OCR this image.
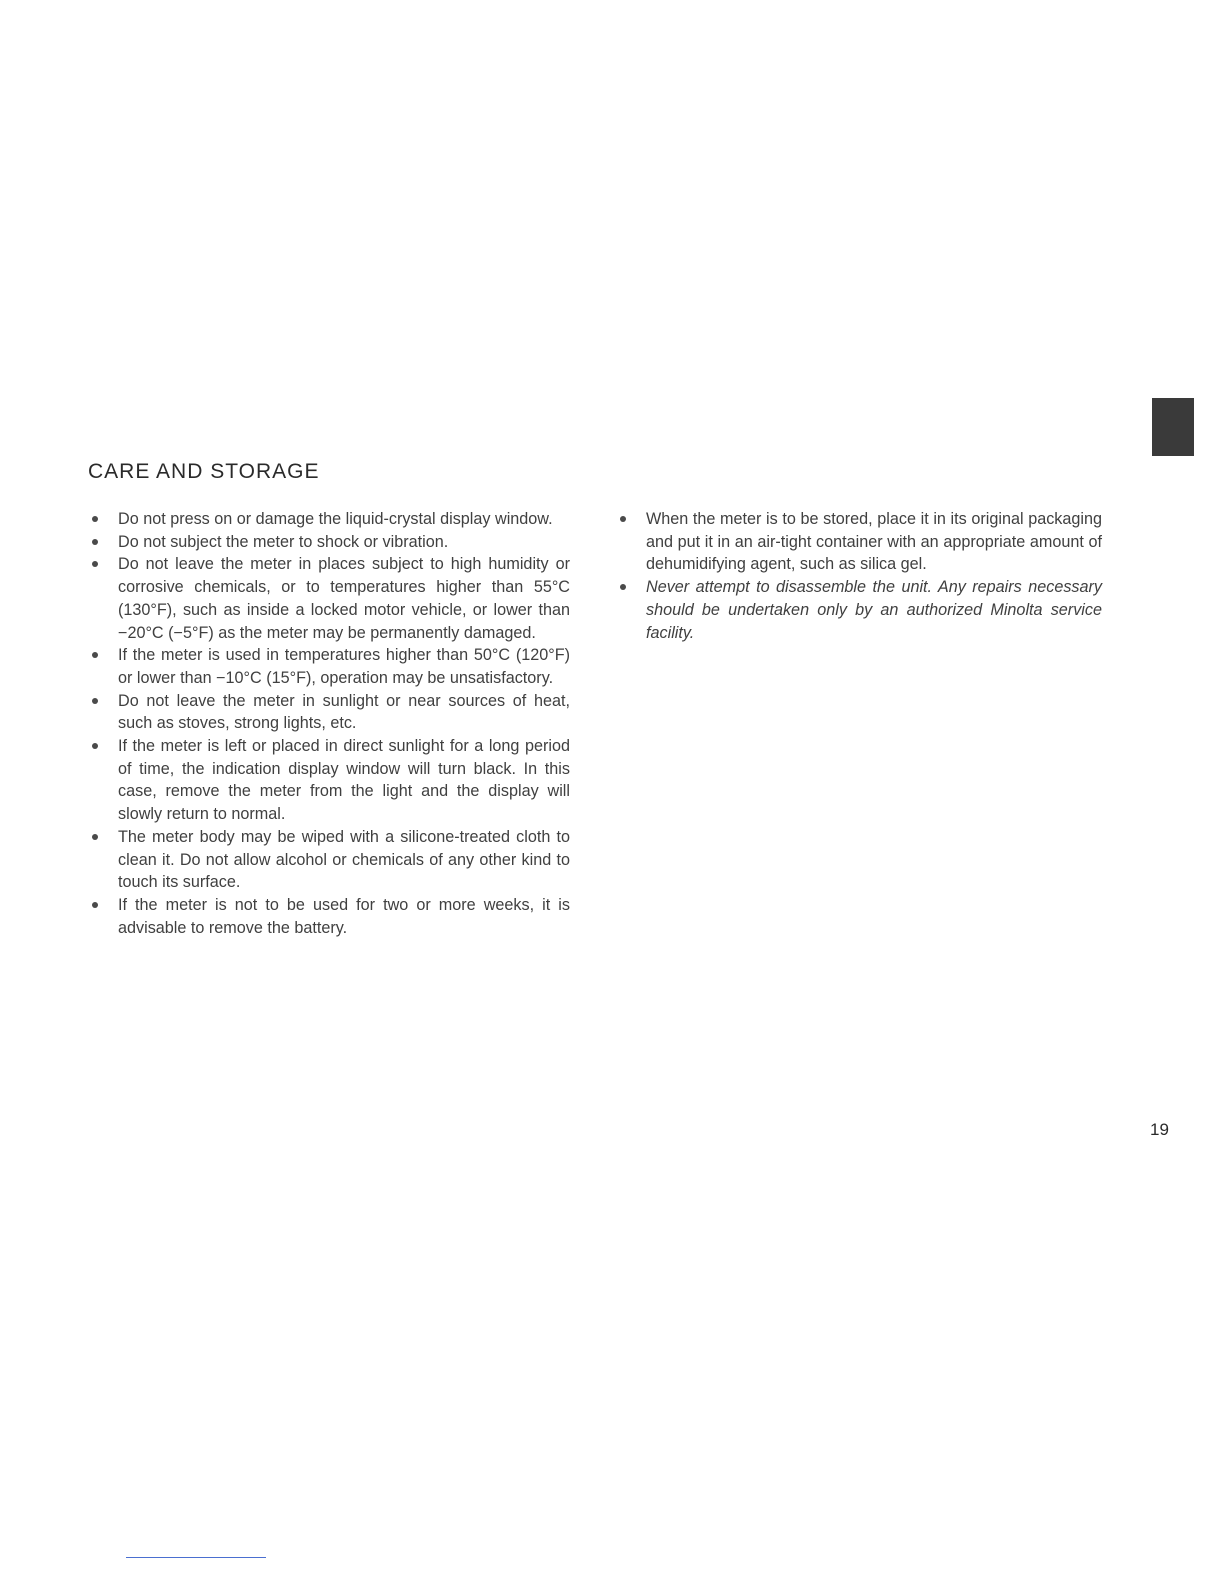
CARE AND STORAGE
Do not press on or damage the liquid-crystal display window.
Do not subject the meter to shock or vibration.
Do not leave the meter in places subject to high humidity or corrosive chemicals, or to temperatures higher than 55°C (130°F), such as inside a locked motor vehicle, or lower than −20°C (−5°F) as the meter may be permanently damaged.
If the meter is used in temperatures higher than 50°C (120°F) or lower than −10°C (15°F), operation may be unsatisfactory.
Do not leave the meter in sunlight or near sources of heat, such as stoves, strong lights, etc.
If the meter is left or placed in direct sunlight for a long period of time, the indication display window will turn black. In this case, remove the meter from the light and the display will slowly return to normal.
The meter body may be wiped with a silicone-treated cloth to clean it. Do not allow alcohol or chemicals of any other kind to touch its surface.
If the meter is not to be used for two or more weeks, it is advisable to remove the battery.
When the meter is to be stored, place it in its original packaging and put it in an air-tight container with an appropriate amount of dehumidifying agent, such as silica gel.
Never attempt to disassemble the unit. Any repairs necessary should be undertaken only by an authorized Minolta service facility.
19
